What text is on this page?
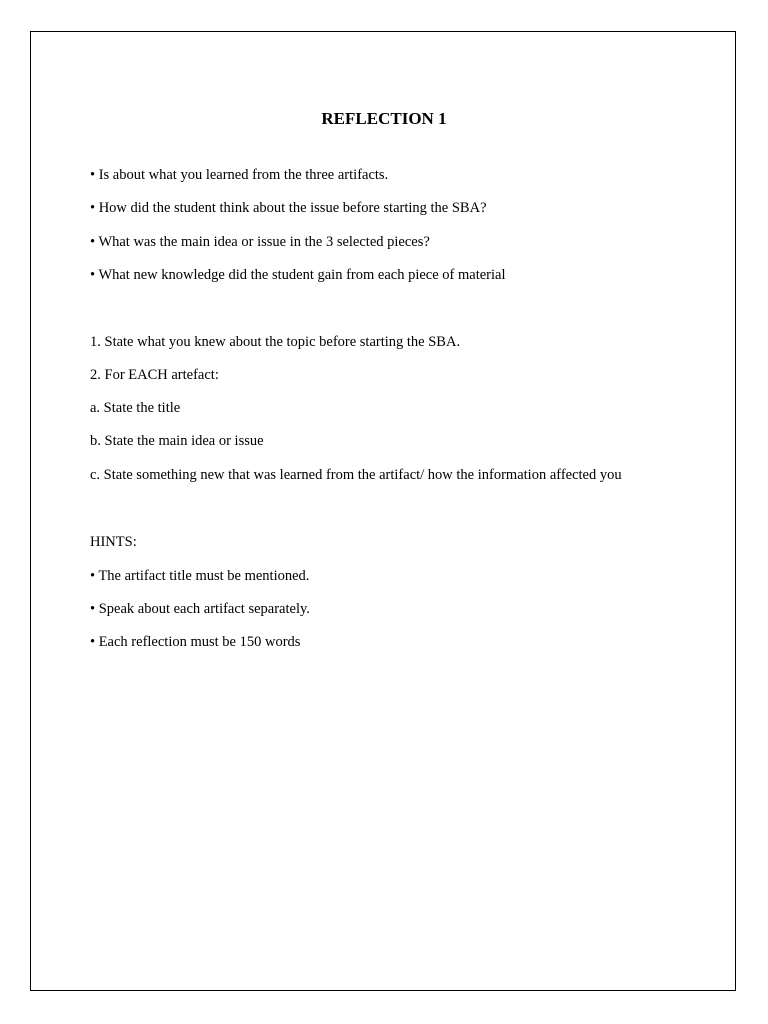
REFLECTION 1

• Is about what you learned from the three artifacts.

• How did the student think about the issue before starting the SBA?

• What was the main idea or issue in the 3 selected pieces?

• What new knowledge did the student gain from each piece of material

1. State what you knew about the topic before starting the SBA.

2. For EACH artefact:

a. State the title

b. State the main idea or issue

c. State something new that was learned from the artifact/ how the information affected you

HINTS:

• The artifact title must be mentioned.

• Speak about each artifact separately.

• Each reflection must be 150 words
